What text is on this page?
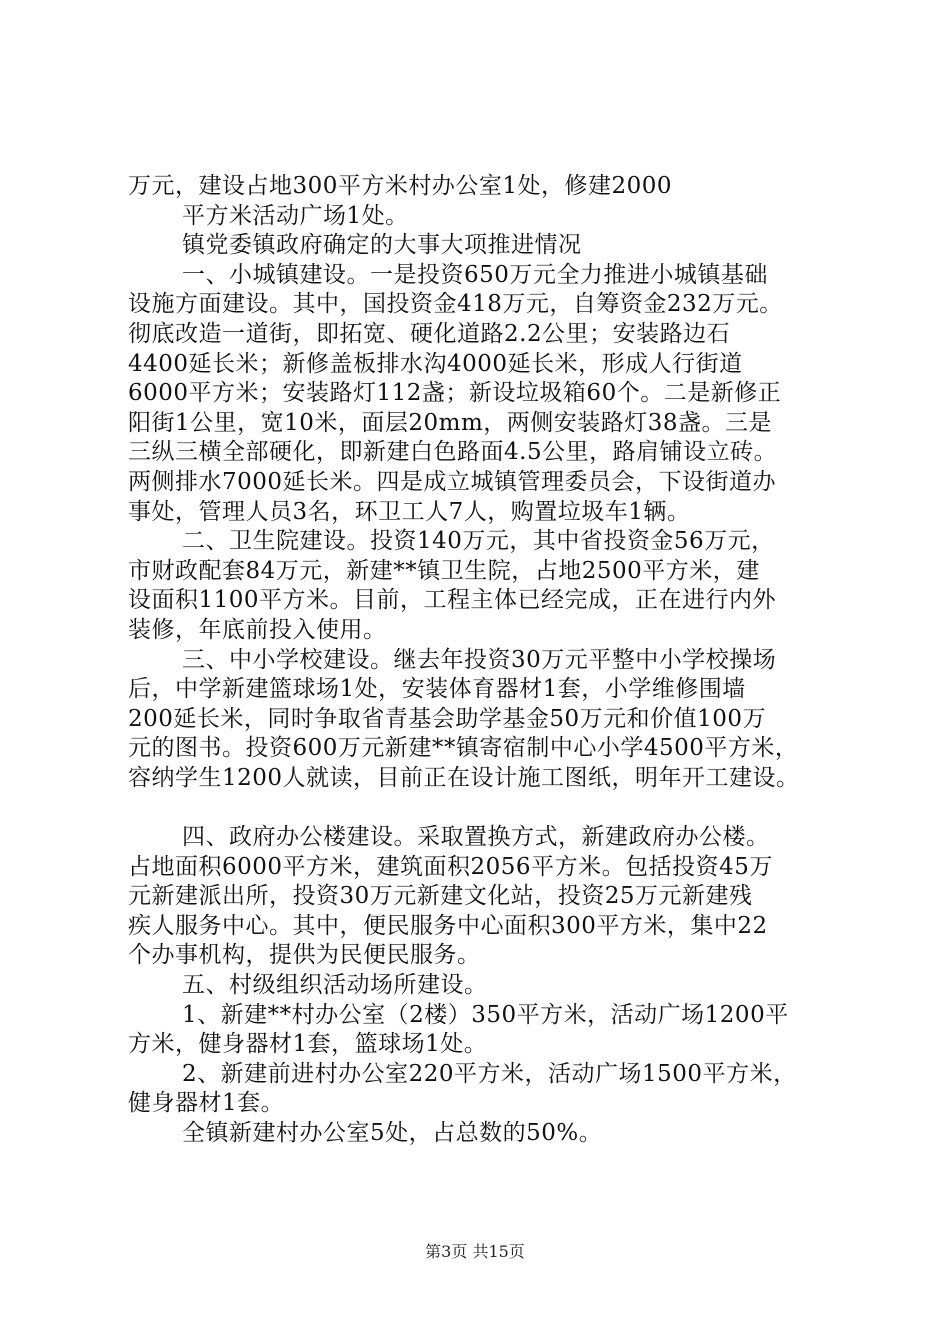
万元，建设占地300平方米村办公室1处，修建2000
平方米活动广场1处。
镇党委镇政府确定的大事大项推进情况
一、小城镇建设。一是投资650万元全力推进小城镇基础
设施方面建设。其中，国投资金418万元，自筹资金232万元。
彻底改造一道街，即拓宽、硬化道路2.2公里；安装路边石
4400延长米；新修盖板排水沟4000延长米，形成人行街道
6000平方米；安装路灯112盏；新设垃圾箱60个。二是新修正
阳街1公里，宽10米，面层20mm，两侧安装路灯38盏。三是
三纵三横全部硬化，即新建白色路面4.5公里，路肩铺设立砖。
两侧排水7000延长米。四是成立城镇管理委员会，下设街道办
事处，管理人员3名，环卫工人7人，购置垃圾车1辆。
二、卫生院建设。投资140万元，其中省投资金56万元，
市财政配套84万元，新建**镇卫生院，占地2500平方米，建
设面积1100平方米。目前，工程主体已经完成，正在进行内外
装修，年底前投入使用。
三、中小学校建设。继去年投资30万元平整中小学校操场
后，中学新建篮球场1处，安装体育器材1套，小学维修围墙
200延长米，同时争取省青基会助学基金50万元和价值100万
元的图书。投资600万元新建**镇寄宿制中心小学4500平方米，
容纳学生1200人就读，目前正在设计施工图纸，明年开工建设。
四、政府办公楼建设。采取置换方式，新建政府办公楼。
占地面积6000平方米，建筑面积2056平方米。包括投资45万
元新建派出所，投资30万元新建文化站，投资25万元新建残
疾人服务中心。其中，便民服务中心面积300平方米，集中22
个办事机构，提供为民便民服务。
五、村级组织活动场所建设。
1、新建**村办公室（2楼）350平方米，活动广场1200平
方米，健身器材1套，篮球场1处。
2、新建前进村办公室220平方米，活动广场1500平方米，
健身器材1套。
全镇新建村办公室5处，占总数的50%。
第3页 共15页
